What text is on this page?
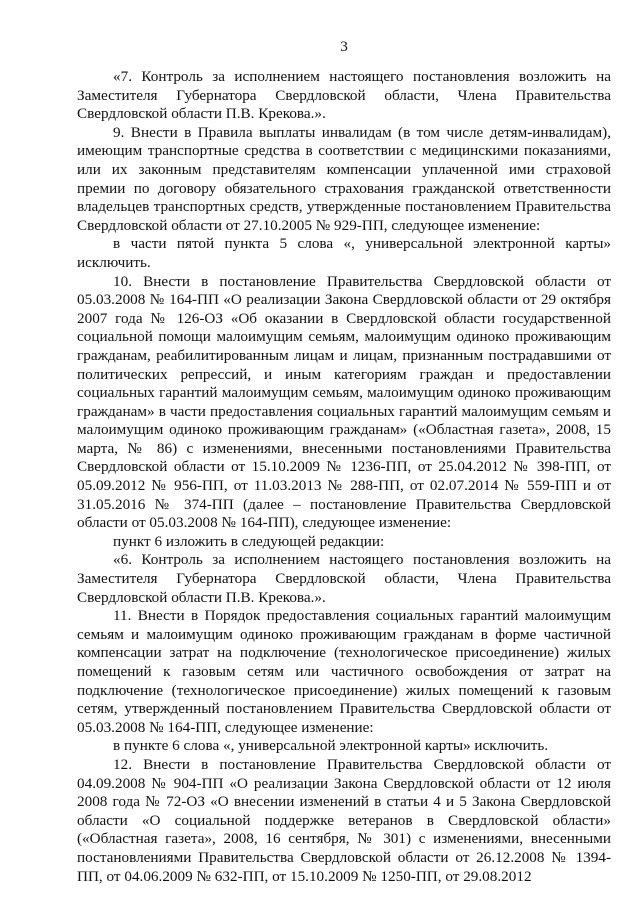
3

«7. Контроль за исполнением настоящего постановления возложить на Заместителя Губернатора Свердловской области, Члена Правительства Свердловской области П.В. Крекова.».

9. Внести в Правила выплаты инвалидам (в том числе детям-инвалидам), имеющим транспортные средства в соответствии с медицинскими показаниями, или их законным представителям компенсации уплаченной ими страховой премии по договору обязательного страхования гражданской ответственности владельцев транспортных средств, утвержденные постановлением Правительства Свердловской области от 27.10.2005 № 929-ПП, следующее изменение:

в части пятой пункта 5 слова «, универсальной электронной карты» исключить.

10. Внести в постановление Правительства Свердловской области от 05.03.2008 № 164-ПП «О реализации Закона Свердловской области от 29 октября 2007 года № 126-ОЗ «Об оказании в Свердловской области государственной социальной помощи малоимущим семьям, малоимущим одиноко проживающим гражданам, реабилитированным лицам и лицам, признанным пострадавшими от политических репрессий, и иным категориям граждан и предоставлении социальных гарантий малоимущим семьям, малоимущим одиноко проживающим гражданам» в части предоставления социальных гарантий малоимущим семьям и малоимущим одиноко проживающим гражданам» («Областная газета», 2008, 15 марта, № 86) с изменениями, внесенными постановлениями Правительства Свердловской области от 15.10.2009 № 1236-ПП, от 25.04.2012 № 398-ПП, от 05.09.2012 № 956-ПП, от 11.03.2013 № 288-ПП, от 02.07.2014 № 559-ПП и от 31.05.2016 № 374-ПП (далее – постановление Правительства Свердловской области от 05.03.2008 № 164-ПП), следующее изменение:

пункт 6 изложить в следующей редакции:

«6. Контроль за исполнением настоящего постановления возложить на Заместителя Губернатора Свердловской области, Члена Правительства Свердловской области П.В. Крекова.».

11. Внести в Порядок предоставления социальных гарантий малоимущим семьям и малоимущим одиноко проживающим гражданам в форме частичной компенсации затрат на подключение (технологическое присоединение) жилых помещений к газовым сетям или частичного освобождения от затрат на подключение (технологическое присоединение) жилых помещений к газовым сетям, утвержденный постановлением Правительства Свердловской области от 05.03.2008 № 164-ПП, следующее изменение:

в пункте 6 слова «, универсальной электронной карты» исключить.

12. Внести в постановление Правительства Свердловской области от 04.09.2008 № 904-ПП «О реализации Закона Свердловской области от 12 июля 2008 года № 72-ОЗ «О внесении изменений в статьи 4 и 5 Закона Свердловской области «О социальной поддержке ветеранов в Свердловской области» («Областная газета», 2008, 16 сентября, № 301) с изменениями, внесенными постановлениями Правительства Свердловской области от 26.12.2008 № 1394-ПП, от 04.06.2009 № 632-ПП, от 15.10.2009 № 1250-ПП, от 29.08.2012
